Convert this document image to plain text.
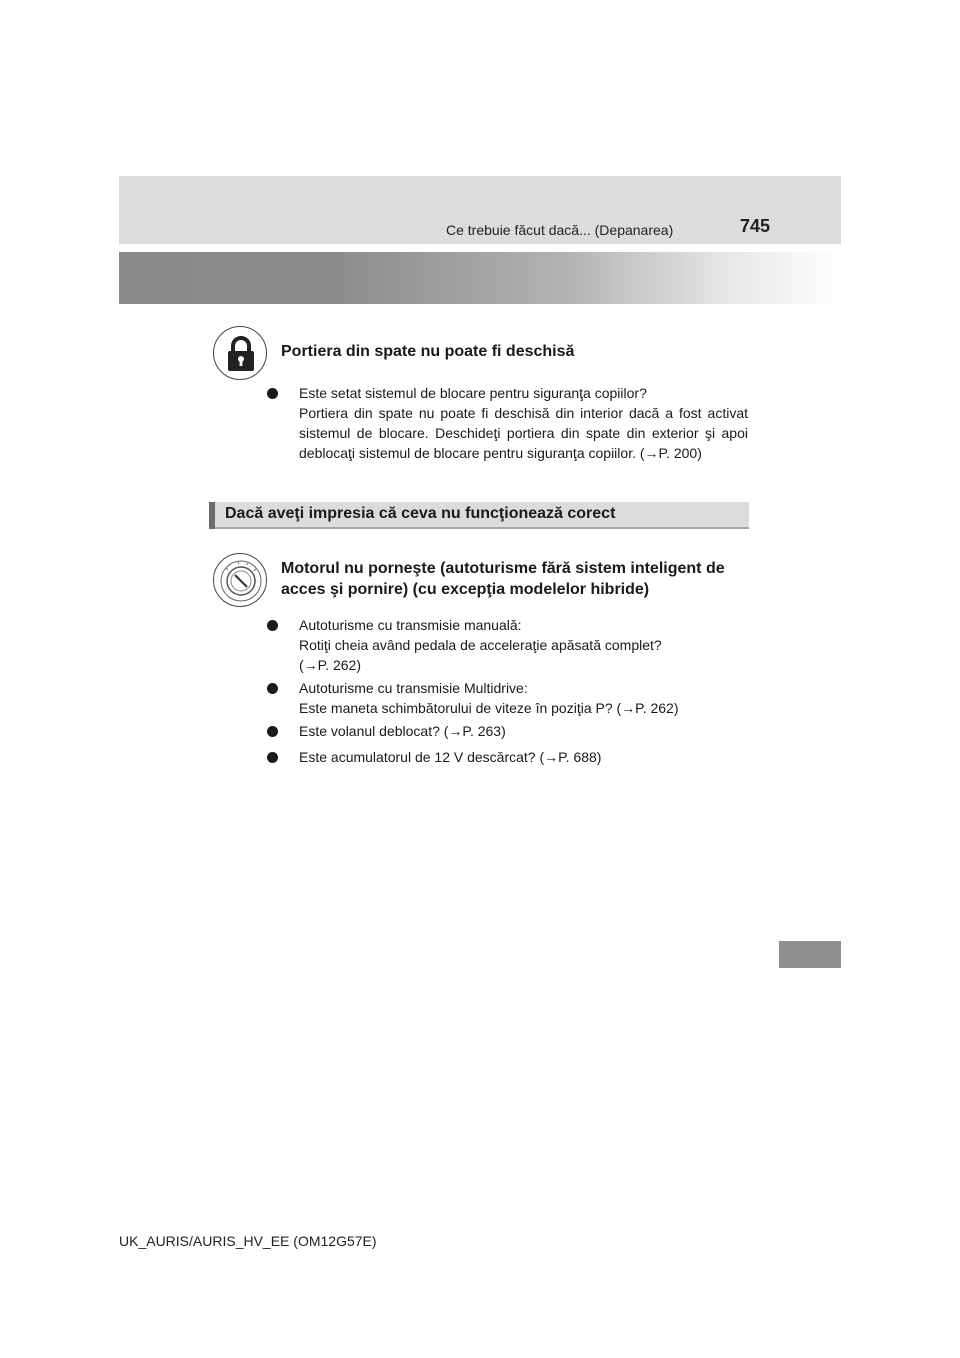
Ce trebuie făcut dacă... (Depanarea)	745
Portiera din spate nu poate fi deschisă
Este setat sistemul de blocare pentru siguranţa copiilor?
Portiera din spate nu poate fi deschisă din interior dacă a fost activat sistemul de blocare. Deschideţi portiera din spate din exterior şi apoi deblocaţi sistemul de blocare pentru siguranţa copiilor. (→P. 200)
Dacă aveţi impresia că ceva nu funcţionează corect
Motorul nu porneşte (autoturisme fără sistem inteligent de
acces şi pornire) (cu excepţia modelelor hibride)
Autoturisme cu transmisie manuală:
Rotiţi cheia având pedala de acceleraţie apăsată complet?
(→P. 262)
Autoturisme cu transmisie Multidrive:
Este maneta schimbătorului de viteze în poziţia P? (→P. 262)
Este volanul deblocat? (→P. 263)
Este acumulatorul de 12 V descărcat? (→P. 688)
UK_AURIS/AURIS_HV_EE (OM12G57E)
